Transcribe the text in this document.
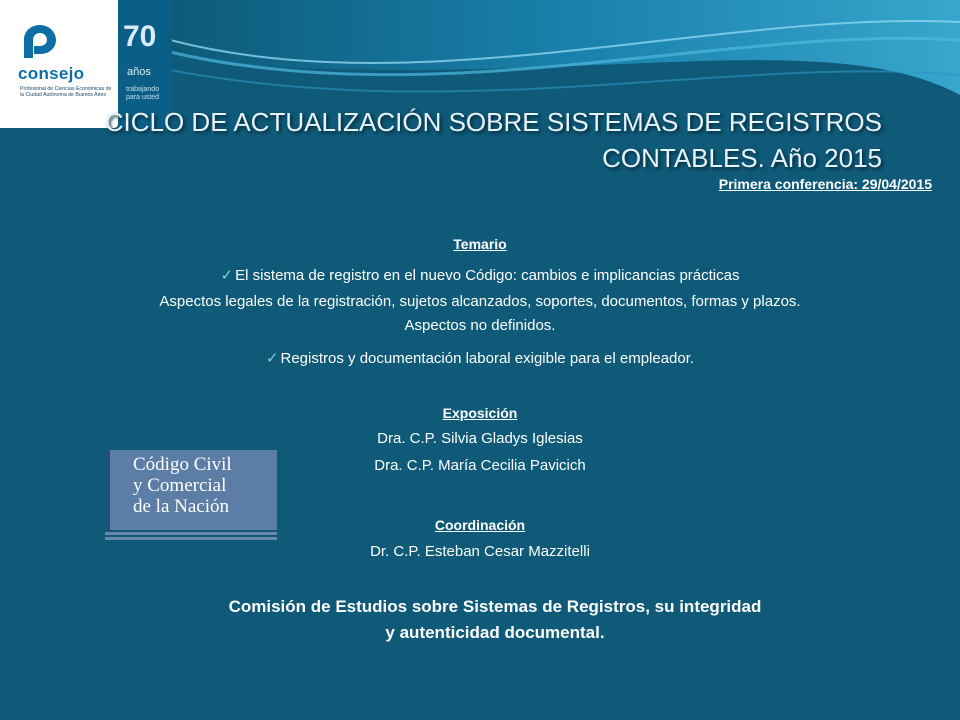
consejo
Profesional de Ciencias Económicas de la Ciudad Autónoma de Buenos Aires
70
años
trabajando para usted
CICLO DE ACTUALIZACIÓN SOBRE SISTEMAS DE REGISTROS
CONTABLES. Año 2015
Primera conferencia: 29/04/2015
Temario
✓ El sistema de registro en el nuevo Código: cambios e implicancias prácticas
Aspectos legales de la registración, sujetos alcanzados, soportes, documentos, formas y plazos.
Aspectos no definidos.
✓ Registros y documentación laboral exigible para el empleador.
Exposición
Dra. C.P. Silvia Gladys Iglesias
Dra. C.P. María Cecilia Pavicich
Coordinación
Dr. C.P. Esteban Cesar Mazzitelli
Código Civil
y Comercial
de la Nación
Comisión de Estudios sobre Sistemas de Registros, su integridad
y autenticidad documental.
